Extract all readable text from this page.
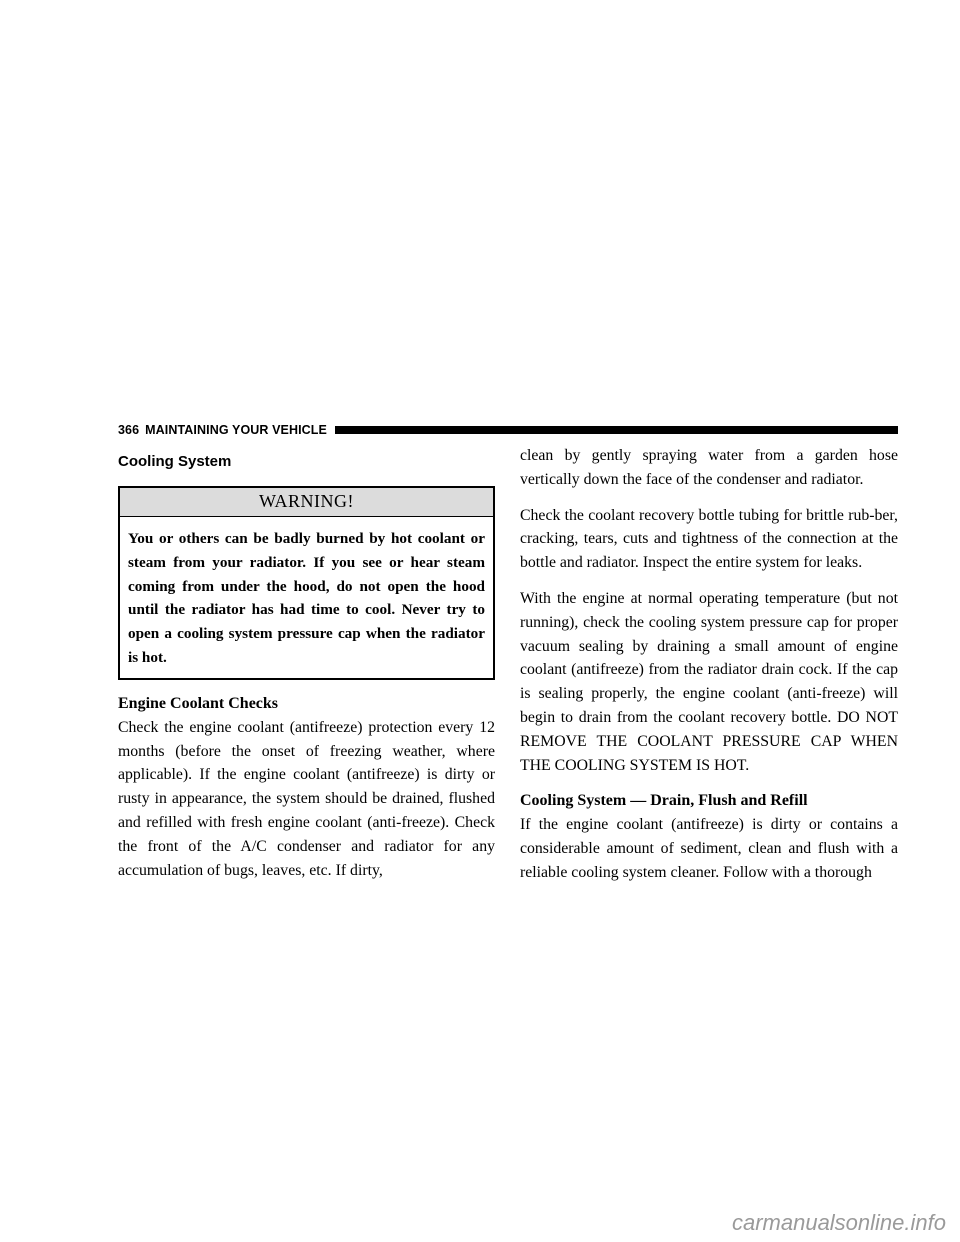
366 MAINTAINING YOUR VEHICLE
Cooling System
WARNING!
You or others can be badly burned by hot coolant or steam from your radiator. If you see or hear steam coming from under the hood, do not open the hood until the radiator has had time to cool. Never try to open a cooling system pressure cap when the radiator is hot.
Engine Coolant Checks

Check the engine coolant (antifreeze) protection every 12 months (before the onset of freezing weather, where applicable). If the engine coolant (antifreeze) is dirty or rusty in appearance, the system should be drained, flushed and refilled with fresh engine coolant (anti-freeze). Check the front of the A/C condenser and radiator for any accumulation of bugs, leaves, etc. If dirty,

clean by gently spraying water from a garden hose vertically down the face of the condenser and radiator.

Check the coolant recovery bottle tubing for brittle rub-ber, cracking, tears, cuts and tightness of the connection at the bottle and radiator. Inspect the entire system for leaks.

With the engine at normal operating temperature (but not running), check the cooling system pressure cap for proper vacuum sealing by draining a small amount of engine coolant (antifreeze) from the radiator drain cock. If the cap is sealing properly, the engine coolant (anti-freeze) will begin to drain from the coolant recovery bottle. DO NOT REMOVE THE COOLANT PRESSURE CAP WHEN THE COOLING SYSTEM IS HOT.

Cooling System — Drain, Flush and Refill

If the engine coolant (antifreeze) is dirty or contains a considerable amount of sediment, clean and flush with a reliable cooling system cleaner. Follow with a thorough

carmanualsonline.info
